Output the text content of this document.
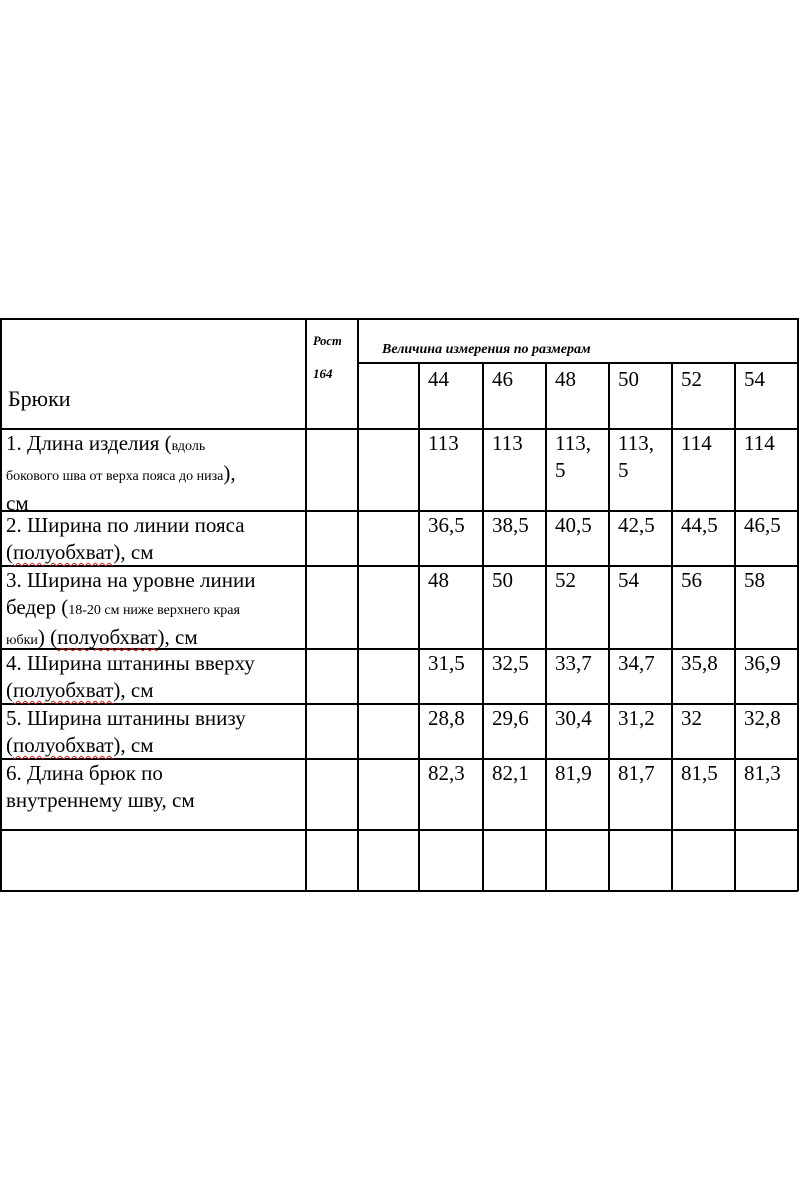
Брюки
Рост
164
Величина измерения по размерам
44 46 48 50 52 54
1. Длина изделия (вдоль
бокового шва от верха пояса до низа),
см
2. Ширина по линии пояса
(полуобхват), см
3. Ширина на уровне линии
бедер (18-20 см ниже верхнего края
юбки) (полуобхват), см
4. Ширина штанины вверху
(полуобхват), см
5. Ширина штанины внизу
(полуобхват), см
6. Длина брюк по
внутреннему шву, см
113 113 113,
5
113,
5
114 114
36,5 38,5 40,5 42,5 44,5 46,5
48 50 52 54 56 58
31,5 32,5 33,7 34,7 35,8 36,9
28,8 29,6 30,4 31,2 32 32,8
82,3 82,1 81,9 81,7 81,5 81,3
